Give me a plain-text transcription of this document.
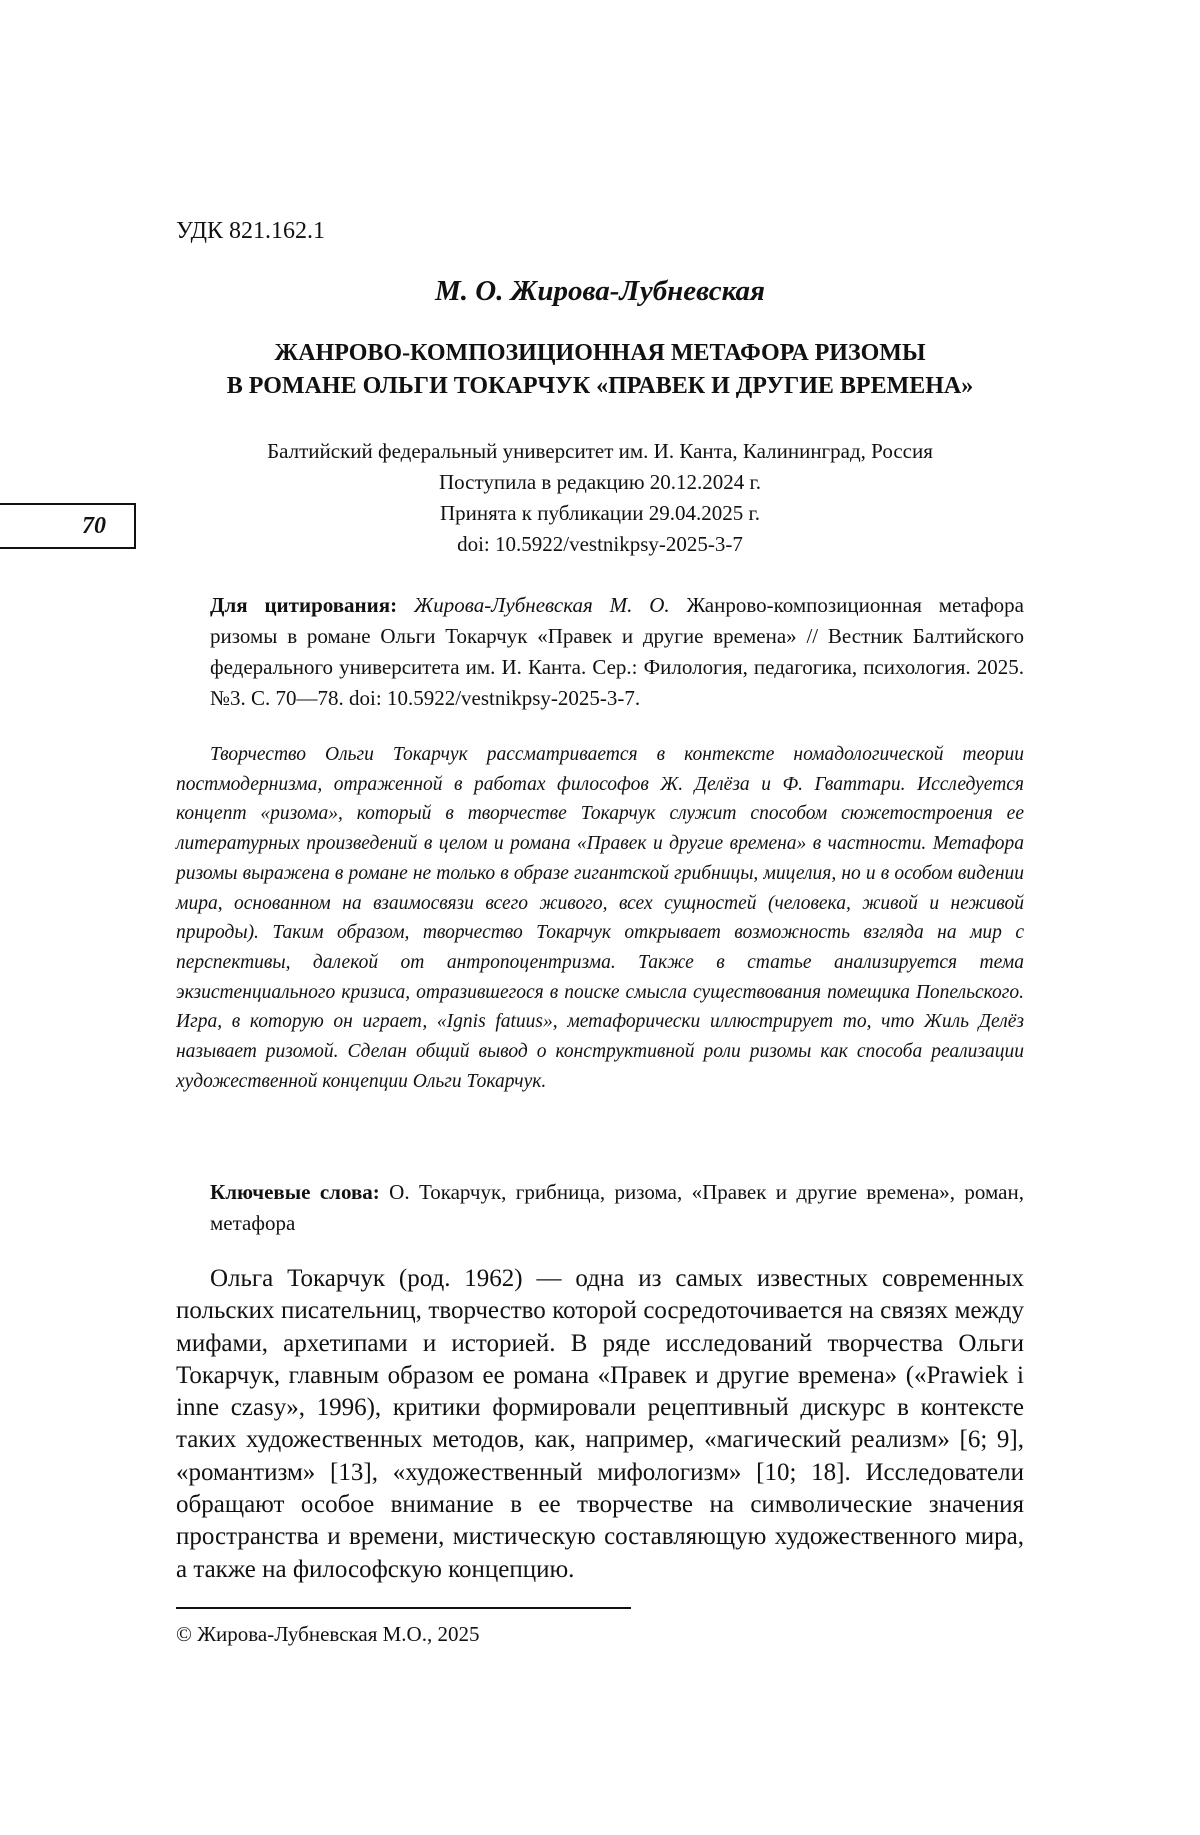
70
УДК 821.162.1
М. О. Жирова-Лубневская
ЖАНРОВО-КОМПОЗИЦИОННАЯ МЕТАФОРА РИЗОМЫ
В РОМАНЕ ОЛЬГИ ТОКАРЧУК «ПРАВЕК И ДРУГИЕ ВРЕМЕНА»
Балтийский федеральный университет им. И. Канта, Калининград, Россия
Поступила в редакцию 20.12.2024 г.
Принята к публикации 29.04.2025 г.
doi: 10.5922/vestnikpsy-2025-3-7
Для цитирования: Жирова-Лубневская М. О. Жанрово-композиционная метафора ризомы в романе Ольги Токарчук «Правек и другие времена» // Вестник Балтийского федерального университета им. И. Канта. Сер.: Филология, педагогика, психология. 2025. №3. С. 70—78. doi: 10.5922/vestnikpsy-2025-3-7.
Творчество Ольги Токарчук рассматривается в контексте номадологической теории постмодернизма, отраженной в работах философов Ж. Делёза и Ф. Гваттари. Исследуется концепт «ризома», который в творчестве Токарчук служит способом сюжетостроения ее литературных произведений в целом и романа «Правек и другие времена» в частности. Метафора ризомы выражена в романе не только в образе гигантской грибницы, мицелия, но и в особом видении мира, основанном на взаимосвязи всего живого, всех сущностей (человека, живой и неживой природы). Таким образом, творчество Токарчук открывает возможность взгляда на мир с перспективы, далекой от антропоцентризма. Также в статье анализируется тема экзистенциального кризиса, отразившегося в поиске смысла существования помещика Попельского. Игра, в которую он играет, «Ignis fatuus», метафорически иллюстрирует то, что Жиль Делёз называет ризомой. Сделан общий вывод о конструктивной роли ризомы как способа реализации художественной концепции Ольги Токарчук.
Ключевые слова: О. Токарчук, грибница, ризома, «Правек и другие времена», роман, метафора
Ольга Токарчук (род. 1962) — одна из самых известных современных польских писательниц, творчество которой сосредоточивается на связях между мифами, архетипами и историей. В ряде исследований творчества Ольги Токарчук, главным образом ее романа «Правек и другие времена» («Prawiek i inne czasy», 1996), критики формировали рецептивный дискурс в контексте таких художественных методов, как, например, «магический реализм» [6; 9], «романтизм» [13], «художественный мифологизм» [10; 18]. Исследователи обращают особое внимание в ее творчестве на символические значения пространства и времени, мистическую составляющую художественного мира, а также на философскую концепцию.
© Жирова-Лубневская М.О., 2025
